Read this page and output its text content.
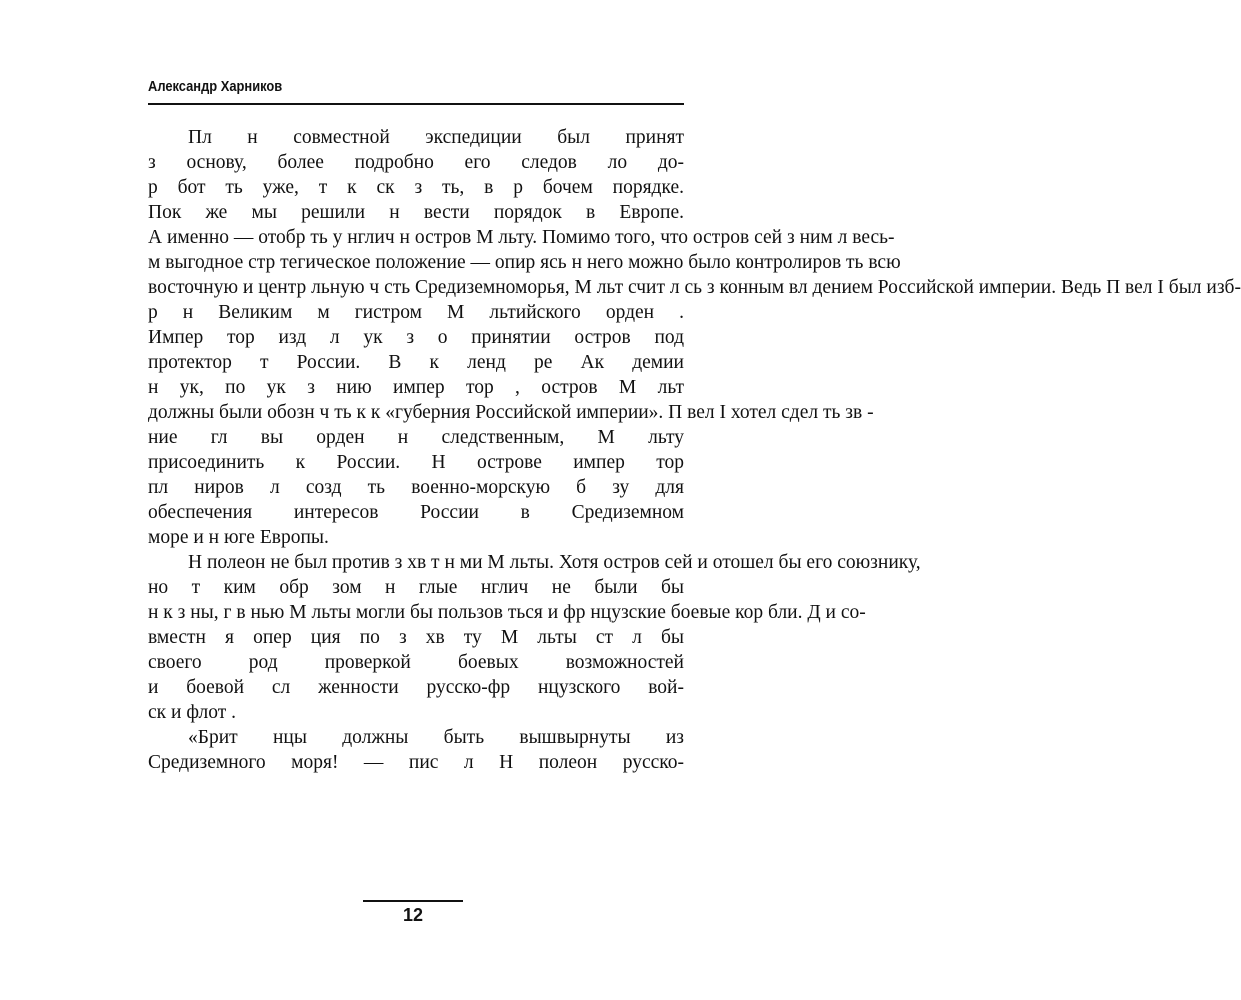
Александр Харников
Пл н совместной экспедиции был принят
з основу, более подробно его следов ло до-
р бот ть уже, т к ск з ть, в р бочем порядке.
Пок же мы решили н вести порядок в Европе.
А именно — отобр ть у нглич н остров М льту. Помимо того, что остров сей з ним л весь-
м выгодное стр тегическое положение — опир ясь н него можно было контролиров ть всю
восточную и центр льную ч сть Средиземноморья, М льт счит л сь з конным вл дением Российской империи. Ведь П вел I был изб-
р н Великим м гистром М льтийского орден .
Импер тор изд л ук з о принятии остров под
протектор т России. В к ленд ре Ак демии
н ук, по ук з нию импер тор , остров М льт
должны были обозн ч ть к к «губерния Российской империи». П вел I хотел сдел ть зв -
ние гл вы орден н следственным, М льту
присоединить к России. Н острове импер тор
пл ниров л созд ть военно-морскую б зу для
обеспечения интересов России в Средиземном
море и н юге Европы.
Н полеон не был против з хв т н ми М льты. Хотя остров сей и отошел бы его союзнику,
но т ким обр зом н глые нглич не были бы
н к з ны, г в нью М льты могли бы пользов ться и фр нцузские боевые кор бли. Д и со-
вместн я опер ция по з хв ту М льты ст л бы
своего род проверкой боевых возможностей
и боевой сл женности русско-фр нцузского вой-
ск и флот .
«Брит нцы должны быть вышвырнуты из
Средиземного моря! — пис л Н полеон русско-
12
